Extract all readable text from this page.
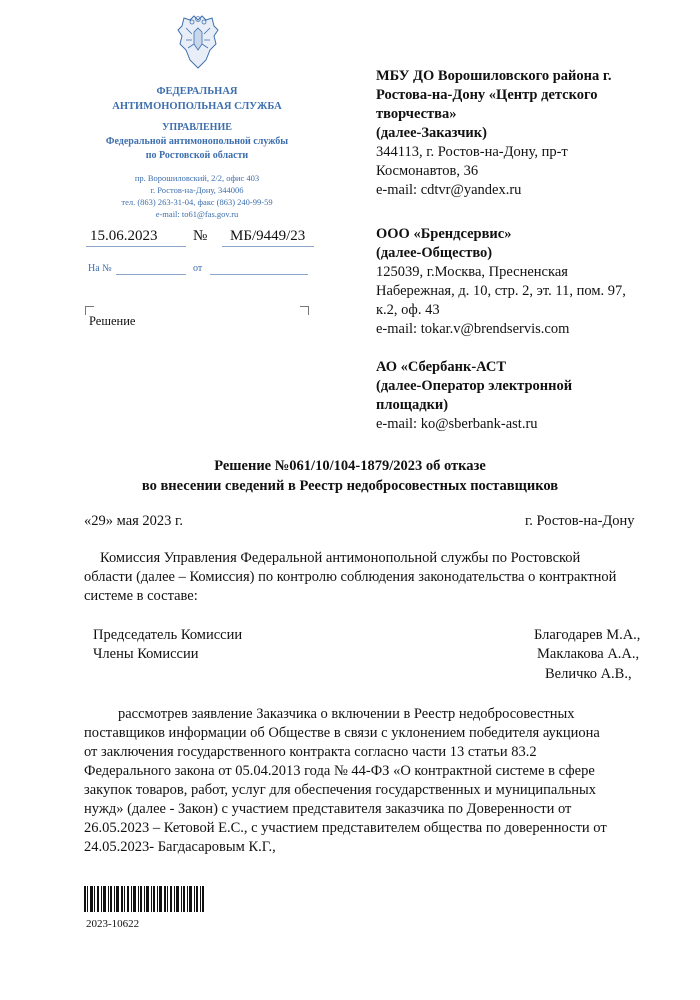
ФЕДЕРАЛЬНАЯ
АНТИМОНОПОЛЬНАЯ СЛУЖБА
УПРАВЛЕНИЕ
Федеральной антимонопольной службы
по Ростовской области
пр. Ворошиловский, 2/2, офис 403
г. Ростов-на-Дону, 344006
тел. (863) 263-31-04, факс (863) 240-99-59
e-mail: to61@fas.gov.ru
15.06.2023 № МБ/9449/23
На №	от
Решение
МБУ ДО Ворошиловского района г.
Ростова-на-Дону «Центр детского
творчества»
(далее-Заказчик)
344113, г. Ростов-на-Дону, пр-т
Космонавтов, 36
e-mail: cdtvr@yandex.ru
ООО «Брендсервис»
(далее-Общество)
125039, г.Москва, Пресненская
Набережная, д. 10, стр. 2, эт. 11, пом. 97,
к.2, оф. 43
e-mail: tokar.v@brendservis.com
АО «Сбербанк-АСТ
(далее-Оператор электронной
площадки)
e-mail: ko@sberbank-ast.ru
Решение №061/10/104-1879/2023 об отказе
во внесении сведений в Реестр недобросовестных поставщиков
«29» мая 2023 г.	г. Ростов-на-Дону
Комиссия Управления Федеральной антимонопольной службы по Ростовской
области (далее – Комиссия) по контролю соблюдения законодательства о контрактной
системе в составе:
Председатель Комиссии
Члены Комиссии
Благодарев М.А.,
Маклакова А.А.,
Величко А.В.,
рассмотрев заявление Заказчика о включении в Реестр недобросовестных
поставщиков информации об Обществе в связи с уклонением победителя аукциона
от заключения государственного контракта согласно части 13 статьи 83.2
Федерального закона от 05.04.2013 года № 44-ФЗ «О контрактной системе в сфере
закупок товаров, работ, услуг для обеспечения государственных и муниципальных
нужд» (далее - Закон) с участием представителя заказчика по Доверенности от
26.05.2023 – Кетовой Е.С., с участием представителем общества по доверенности от
24.05.2023- Багдасаровым К.Г.,
2023-10622
